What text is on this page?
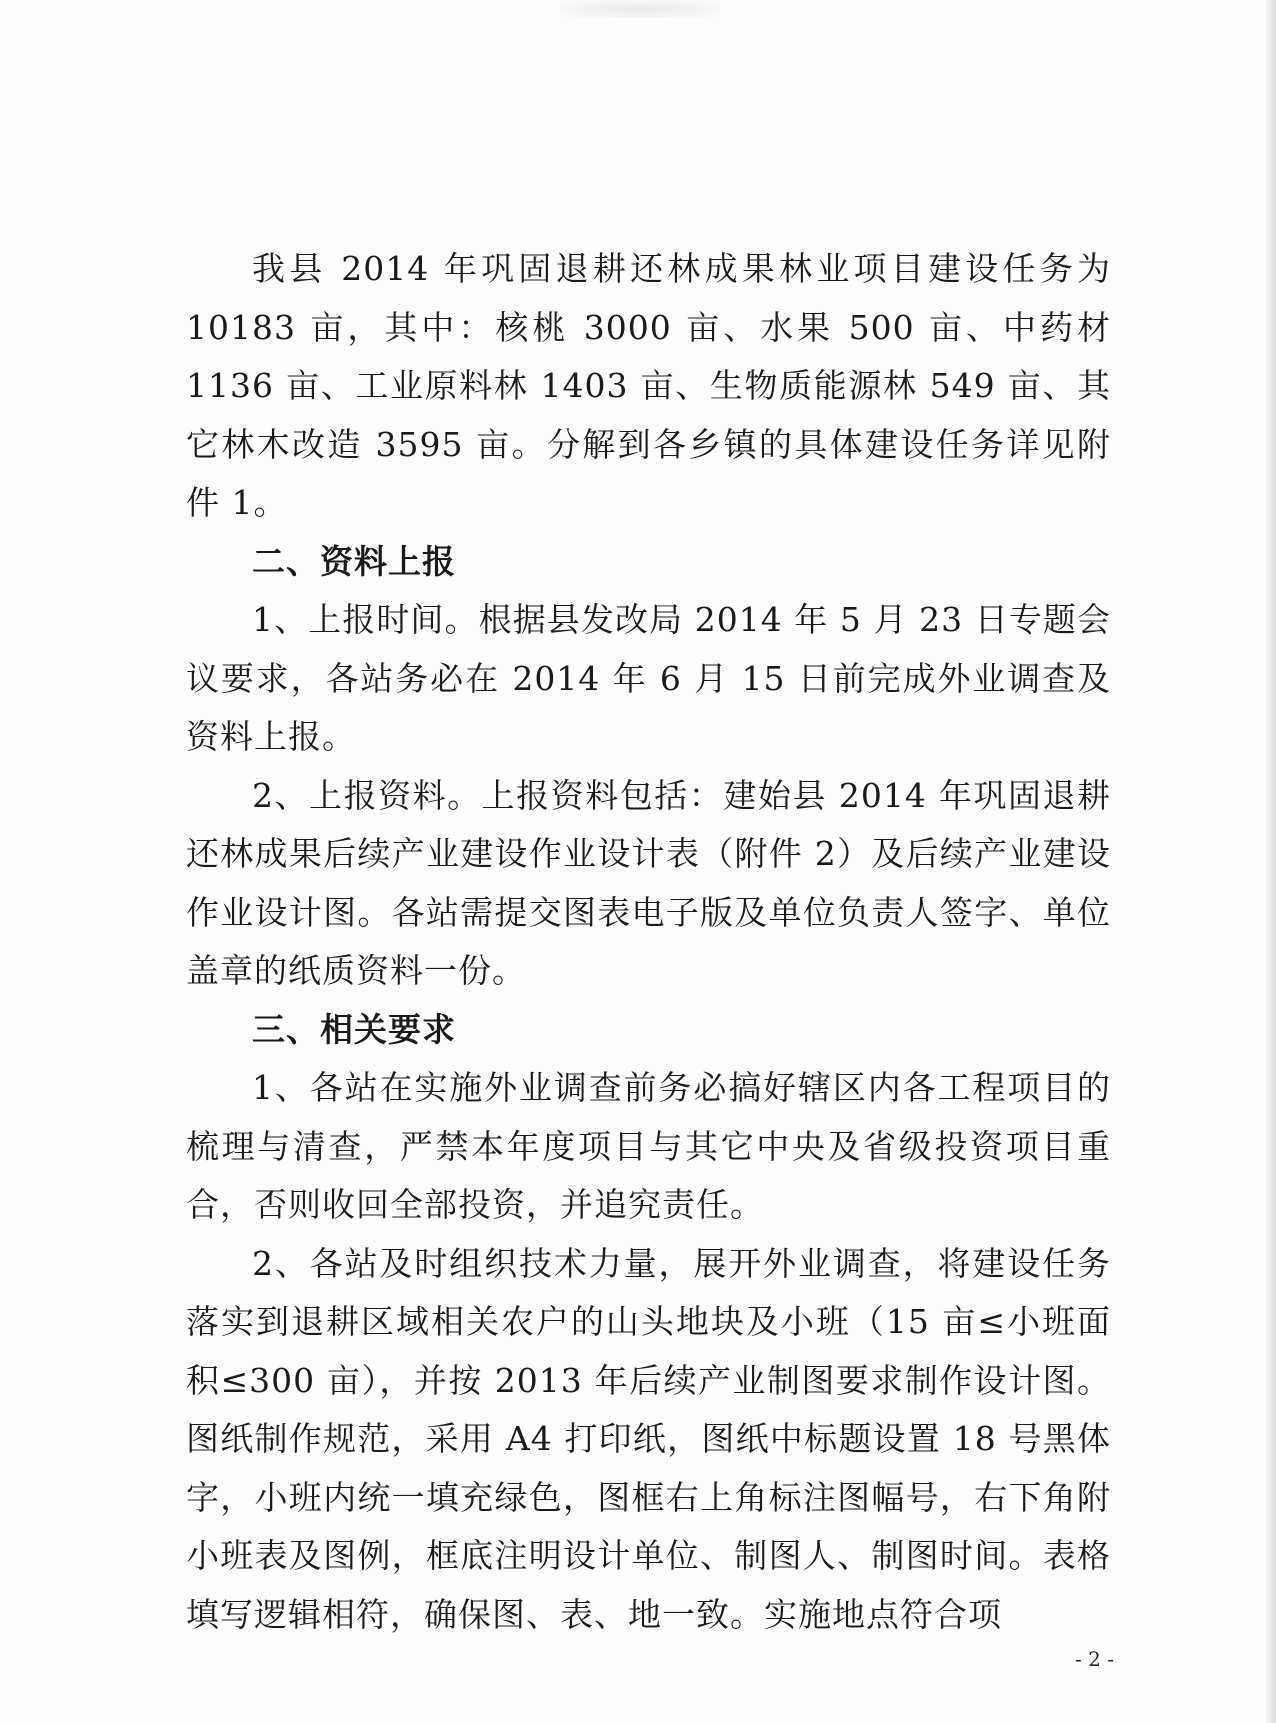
我县 2014 年巩固退耕还林成果林业项目建设任务为 10183 亩，其中：核桃 3000 亩、水果 500 亩、中药材 1136 亩、工业原料林 1403 亩、生物质能源林 549 亩、其它林木改造 3595 亩。分解到各乡镇的具体建设任务详见附件 1。

二、资料上报

1、上报时间。根据县发改局 2014 年 5 月 23 日专题会议要求，各站务必在 2014 年 6 月 15 日前完成外业调查及资料上报。

2、上报资料。上报资料包括：建始县 2014 年巩固退耕还林成果后续产业建设作业设计表（附件 2）及后续产业建设作业设计图。各站需提交图表电子版及单位负责人签字、单位盖章的纸质资料一份。

三、相关要求

1、各站在实施外业调查前务必搞好辖区内各工程项目的梳理与清查，严禁本年度项目与其它中央及省级投资项目重合，否则收回全部投资，并追究责任。

2、各站及时组织技术力量，展开外业调查，将建设任务落实到退耕区域相关农户的山头地块及小班（15 亩≤小班面积≤300 亩），并按 2013 年后续产业制图要求制作设计图。图纸制作规范，采用 A4 打印纸，图纸中标题设置 18 号黑体字，小班内统一填充绿色，图框右上角标注图幅号，右下角附小班表及图例，框底注明设计单位、制图人、制图时间。表格填写逻辑相符，确保图、表、地一致。实施地点符合项

- 2 -
